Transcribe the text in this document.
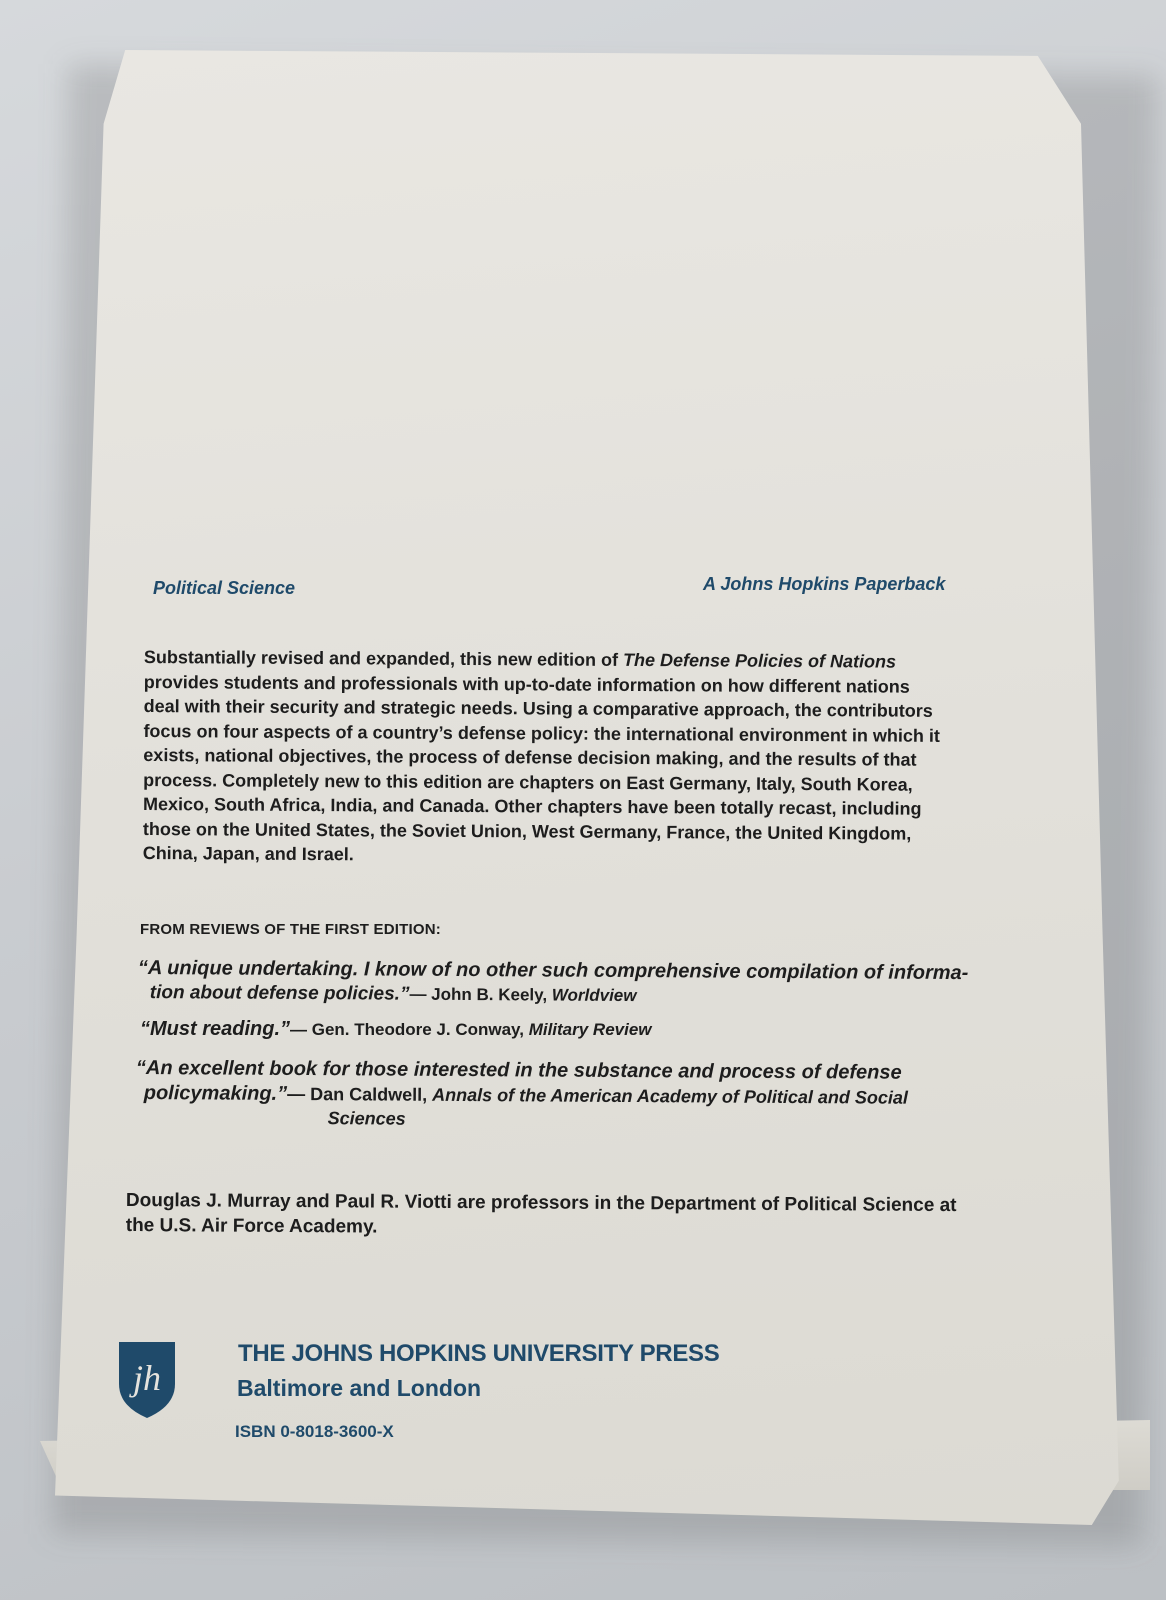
Political Science	A Johns Hopkins Paperback
Substantially revised and expanded, this new edition of The Defense Policies of Nations
provides students and professionals with up-to-date information on how different nations
deal with their security and strategic needs. Using a comparative approach, the contributors
focus on four aspects of a country’s defense policy: the international environment in which it
exists, national objectives, the process of defense decision making, and the results of that
process. Completely new to this edition are chapters on East Germany, Italy, South Korea,
Mexico, South Africa, India, and Canada. Other chapters have been totally recast, including
those on the United States, the Soviet Union, West Germany, France, the United Kingdom,
China, Japan, and Israel.
FROM REVIEWS OF THE FIRST EDITION:
“A unique undertaking. I know of no other such comprehensive compilation of informa-
tion about defense policies.”— John B. Keely, Worldview
“Must reading.”— Gen. Theodore J. Conway, Military Review
“An excellent book for those interested in the substance and process of defense
policymaking.”— Dan Caldwell, Annals of the American Academy of Political and Social
Sciences
Douglas J. Murray and Paul R. Viotti are professors in the Department of Political Science at
the U.S. Air Force Academy.
jh
THE JOHNS HOPKINS UNIVERSITY PRESS
Baltimore and London
ISBN 0-8018-3600-X
